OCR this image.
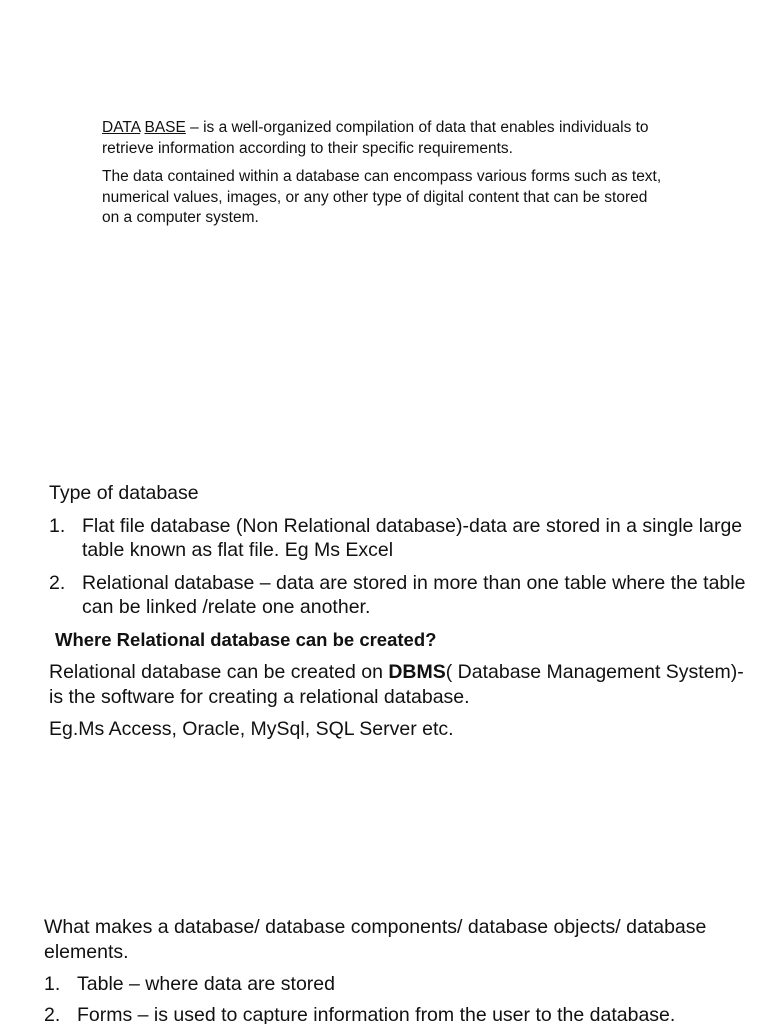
DATA BASE – is a well-organized compilation of data that enables individuals to retrieve information according to their specific requirements.

The data contained within a database can encompass various forms such as text, numerical values, images, or any other type of digital content that can be stored on a computer system.

Type of database
1. Flat file database (Non Relational database)-data are stored in a single large table known as flat file. Eg Ms Excel
2. Relational database – data are stored in more than one table where the table can be linked /relate one another.
Where Relational database can be created?
Relational database can be created on DBMS( Database Management System)- is the software for creating a relational database.
Eg.Ms Access, Oracle, MySql, SQL Server etc.
What makes a database/ database components/ database objects/ database elements.
1. Table – where data are stored
2. Forms – is used to capture information from the user to the database.
